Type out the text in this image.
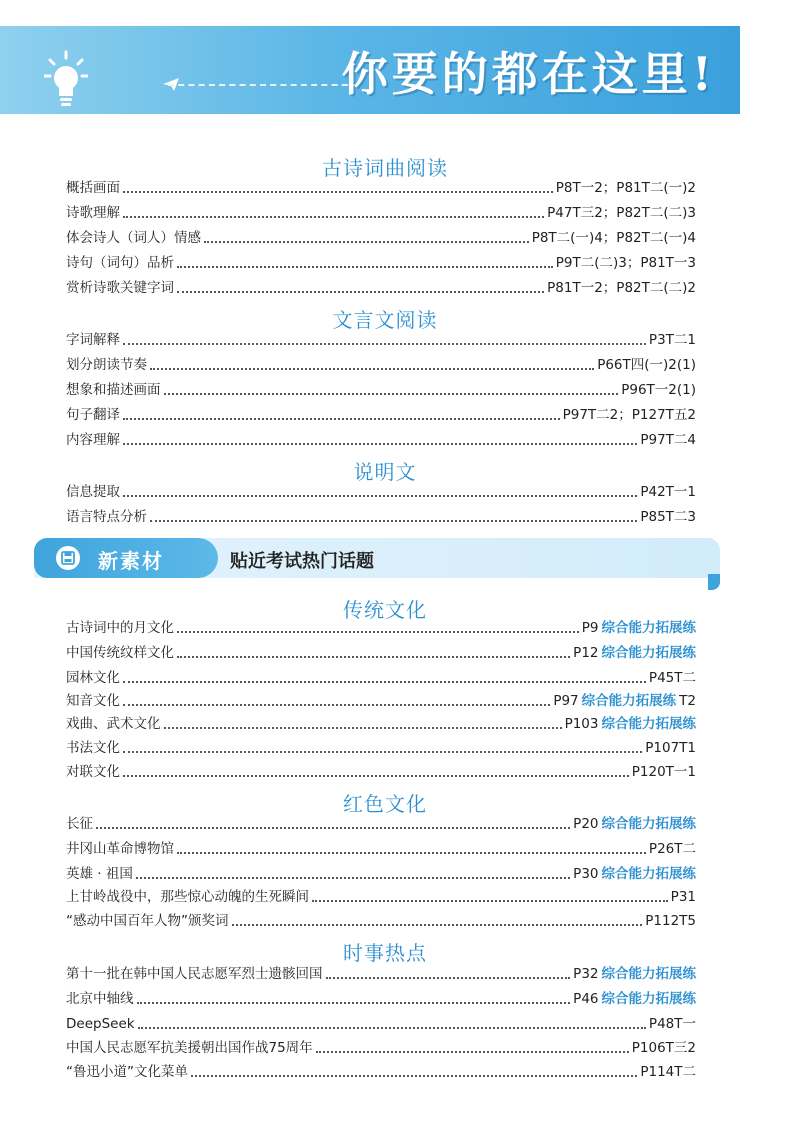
你要的都在这里!
古诗词曲阅读
概括画面	P8T一2；P81T二(一)2
诗歌理解	P47T三2；P82T二(二)3
体会诗人（词人）情感	P8T二(一)4；P82T二(一)4
诗句（词句）品析	P9T二(二)3；P81T一3
赏析诗歌关键字词	P81T一2；P82T二(二)2
文言文阅读
字词解释	P3T二1
划分朗读节奏	P66T四(一)2(1)
想象和描述画面	P96T一2(1)
句子翻译	P97T二2；P127T五2
内容理解	P97T二4
说明文
信息提取	P42T一1
语言特点分析	P85T二3
新素材	贴近考试热门话题
传统文化
古诗词中的月文化	P9 综合能力拓展练
中国传统纹样文化	P12 综合能力拓展练
园林文化	P45T二
知音文化	P97 综合能力拓展练 T2
戏曲、武术文化	P103 综合能力拓展练
书法文化	P107T1
对联文化	P120T一1
红色文化
长征	P20 综合能力拓展练
井冈山革命博物馆	P26T二
英雄 · 祖国	P30 综合能力拓展练
上甘岭战役中，那些惊心动魄的生死瞬间	P31
“感动中国百年人物”颁奖词	P112T5
时事热点
第十一批在韩中国人民志愿军烈士遗骸回国	P32 综合能力拓展练
北京中轴线	P46 综合能力拓展练
DeepSeek	P48T一
中国人民志愿军抗美援朝出国作战75周年	P106T三2
“鲁迅小道”文化菜单	P114T二
